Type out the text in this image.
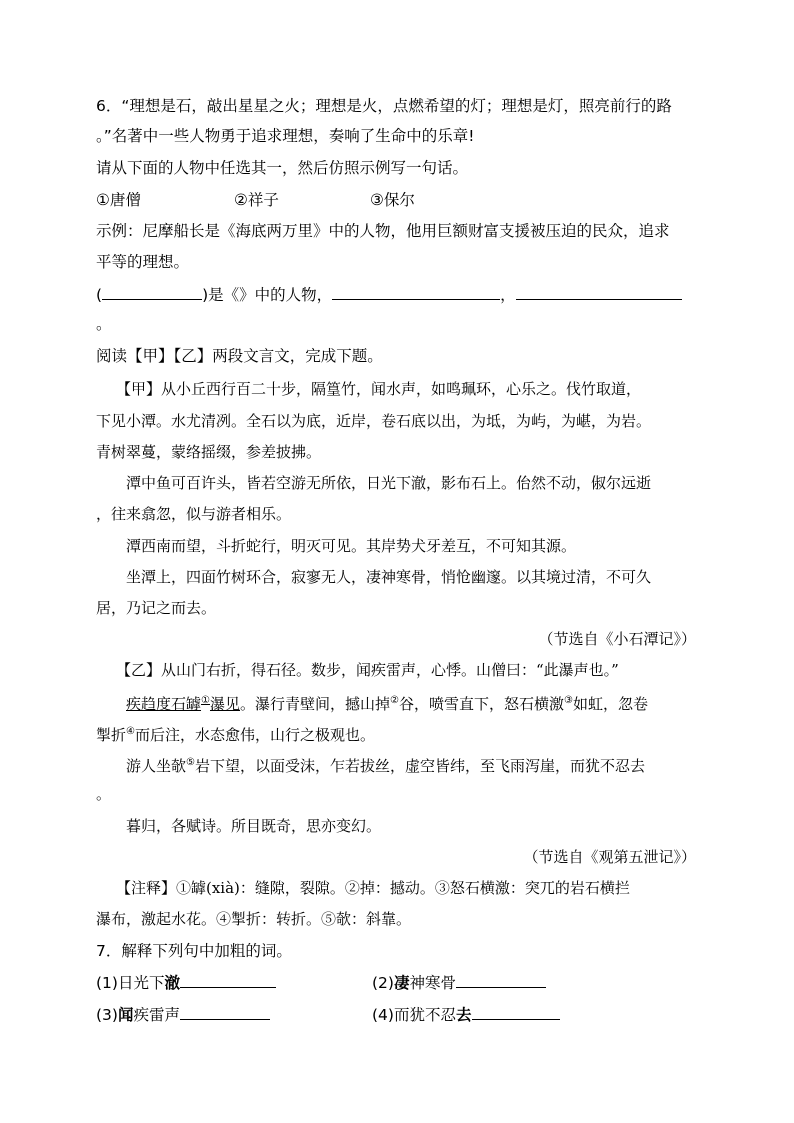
6．“理想是石，敲出星星之火；理想是火，点燃希望的灯；理想是灯，照亮前行的路
。”名著中一些人物勇于追求理想，奏响了生命中的乐章!
请从下面的人物中任选其一，然后仿照示例写一句话。
①唐僧	②祥子	③保尔
示例：尼摩船长是《海底两万里》中的人物，他用巨额财富支援被压迫的民众，追求
平等的理想。
(	)是《》中的人物，	，
。
阅读【甲】【乙】两段文言文，完成下题。
【甲】从小丘西行百二十步，隔篁竹，闻水声，如鸣珮环，心乐之。伐竹取道，
下见小潭。水尤清冽。全石以为底，近岸，卷石底以出，为坻，为屿，为嵁，为岩。
青树翠蔓，蒙络摇缀，参差披拂。
潭中鱼可百许头，皆若空游无所依，日光下澈，影布石上。佁然不动，俶尔远逝
，往来翕忽，似与游者相乐。
潭西南而望，斗折蛇行，明灭可见。其岸势犬牙差互，不可知其源。
坐潭上，四面竹树环合，寂寥无人，凄神寒骨，悄怆幽邃。以其境过清，不可久
居，乃记之而去。
（节选自《小石潭记》）
【乙】从山门右折，得石径。数步，闻疾雷声，心悸。山僧曰：“此瀑声也。”
疾趋度石罅①瀑见。瀑行青壁间，撼山掉②谷，喷雪直下，怒石横激③如虹，忽卷
掣折④而后注，水态愈伟，山行之极观也。
游人坐欹⑤岩下望，以面受沫，乍若拔丝，虚空皆纬，至飞雨泻崖，而犹不忍去
。
暮归，各赋诗。所目既奇，思亦变幻。
（节选自《观第五泄记》）
【注释】①罅(xià)：缝隙，裂隙。②掉：撼动。③怒石横激：突兀的岩石横拦
瀑布，激起水花。④掣折：转折。⑤欹：斜靠。
7．解释下列句中加粗的词。
(1)日光下澈	(2)凄神寒骨
(3)闻疾雷声	(4)而犹不忍去
